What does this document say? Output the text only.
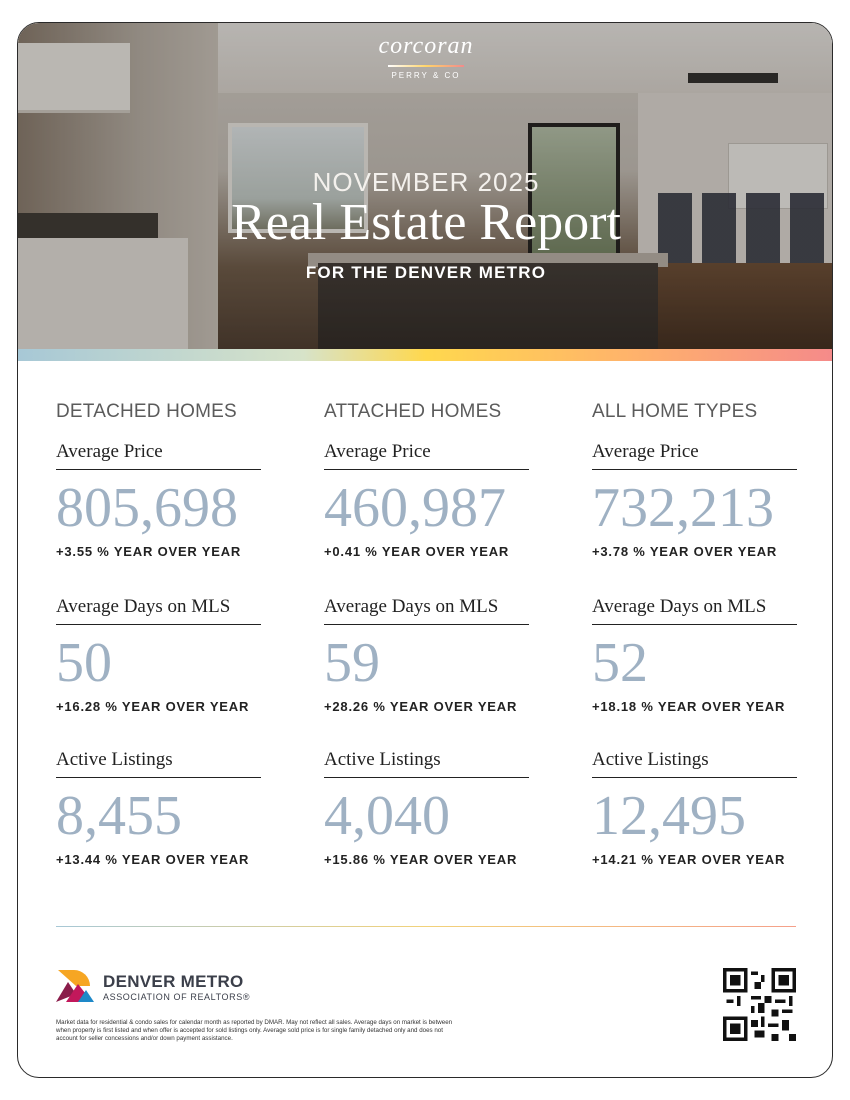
corcoran
PERRY & CO
NOVEMBER 2025
Real Estate Report
FOR THE DENVER METRO
DETACHED HOMES
Average Price
805,698
+3.55 % YEAR OVER YEAR
Average Days on MLS
50
+16.28 % YEAR OVER YEAR
Active Listings
8,455
+13.44 % YEAR OVER YEAR
ATTACHED HOMES
Average Price
460,987
+0.41 % YEAR OVER YEAR
Average Days on MLS
59
+28.26 % YEAR OVER YEAR
Active Listings
4,040
+15.86 % YEAR OVER YEAR
ALL HOME TYPES
Average Price
732,213
+3.78 % YEAR OVER YEAR
Average Days on MLS
52
+18.18 % YEAR OVER YEAR
Active Listings
12,495
+14.21 % YEAR OVER YEAR
DENVER METRO
ASSOCIATION OF REALTORS®
Market data for residential & condo sales for calendar month as reported by DMAR. May not reflect all sales. Average days on market is between when property is first listed and when offer is accepted for sold listings only. Average sold price is for single family detached only and does not account for seller concessions and/or down payment assistance.
